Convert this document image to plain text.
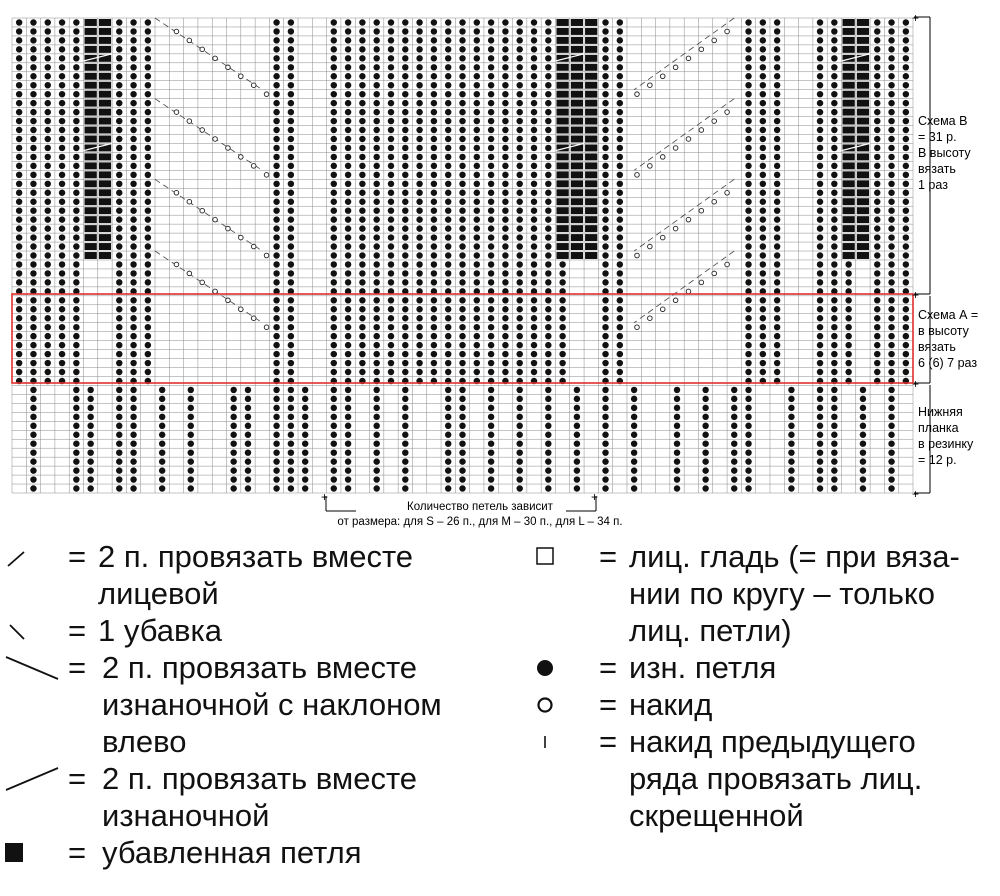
+
+
+
+
+	+
Схема В
= 31 р.
В высоту
вязать
1 раз
Схема А =
в высоту
вязать
6 (6) 7 раз
Нижняя
планка
в резинку
= 12 р.
Количество петель зависит
от размера: для S – 26 п., для М – 30 п., для L – 34 п.
= 2 п. провязать вместе
лицевой
= 1 убавка
= 2 п. провязать вместе
изнаночной с наклоном
влево
= 2 п. провязать вместе
изнаночной
= убавленная петля
= лиц. гладь (= при вяза-
нии по кругу – только
лиц. петли)
= изн. петля
= накид
= накид предыдущего
ряда провязать лиц.
скрещенной
